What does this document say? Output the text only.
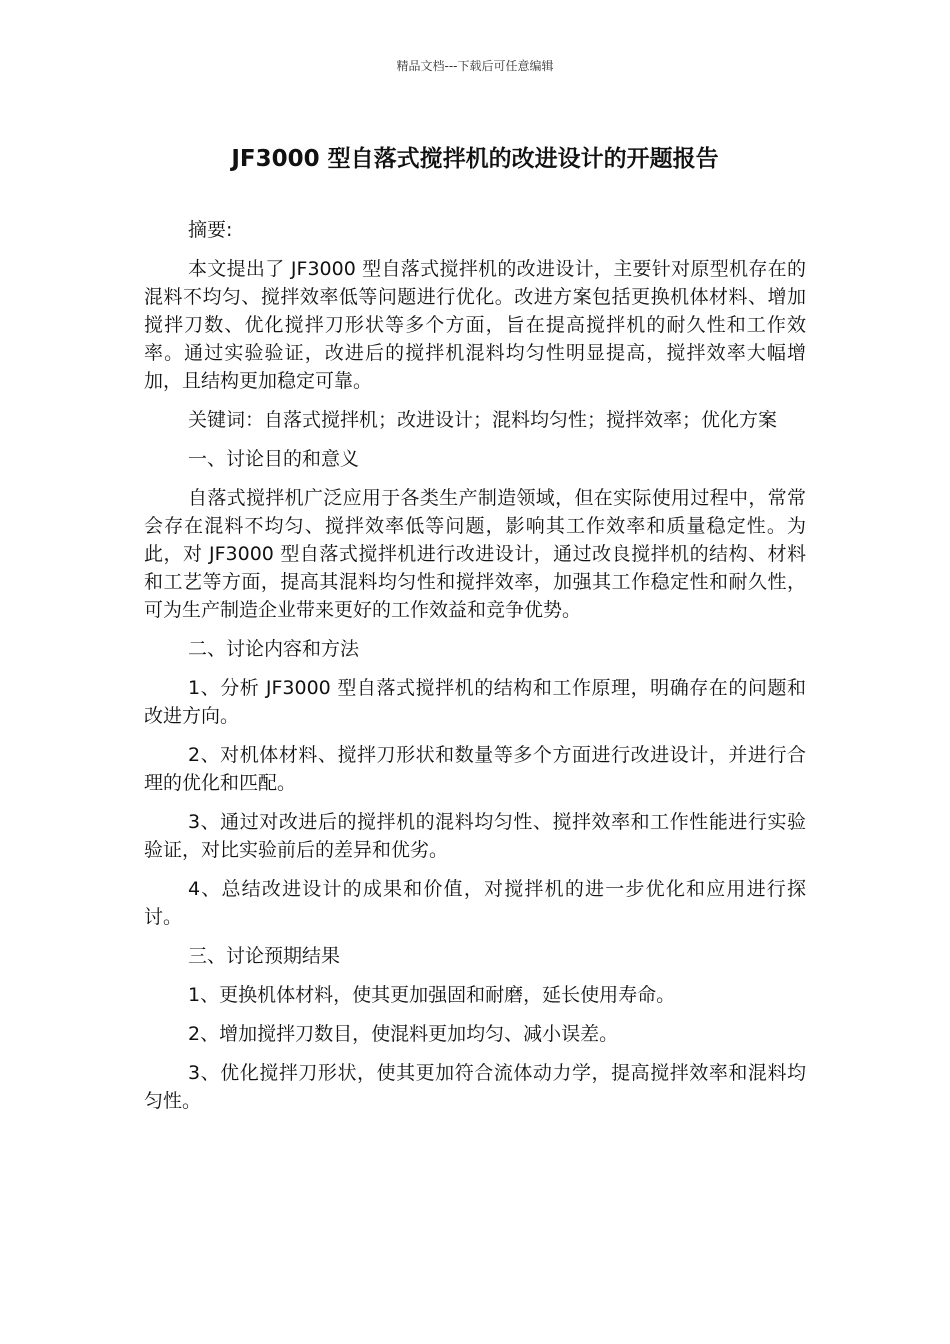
精品文档---下载后可任意编辑
JF3000 型自落式搅拌机的改进设计的开题报告

摘要:

本文提出了 JF3000 型自落式搅拌机的改进设计，主要针对原型机存在的混料不均匀、搅拌效率低等问题进行优化。改进方案包括更换机体材料、增加搅拌刀数、优化搅拌刀形状等多个方面，旨在提高搅拌机的耐久性和工作效率。通过实验验证，改进后的搅拌机混料均匀性明显提高，搅拌效率大幅增加，且结构更加稳定可靠。

关键词：自落式搅拌机；改进设计；混料均匀性；搅拌效率；优化方案

一、讨论目的和意义

自落式搅拌机广泛应用于各类生产制造领域，但在实际使用过程中，常常会存在混料不均匀、搅拌效率低等问题，影响其工作效率和质量稳定性。为此，对 JF3000 型自落式搅拌机进行改进设计，通过改良搅拌机的结构、材料和工艺等方面，提高其混料均匀性和搅拌效率，加强其工作稳定性和耐久性，可为生产制造企业带来更好的工作效益和竞争优势。

二、讨论内容和方法

1、分析 JF3000 型自落式搅拌机的结构和工作原理，明确存在的问题和改进方向。

2、对机体材料、搅拌刀形状和数量等多个方面进行改进设计，并进行合理的优化和匹配。

3、通过对改进后的搅拌机的混料均匀性、搅拌效率和工作性能进行实验验证，对比实验前后的差异和优劣。

4、总结改进设计的成果和价值，对搅拌机的进一步优化和应用进行探讨。

三、讨论预期结果

1、更换机体材料，使其更加强固和耐磨，延长使用寿命。

2、增加搅拌刀数目，使混料更加均匀、减小误差。

3、优化搅拌刀形状，使其更加符合流体动力学，提高搅拌效率和混料均匀性。
